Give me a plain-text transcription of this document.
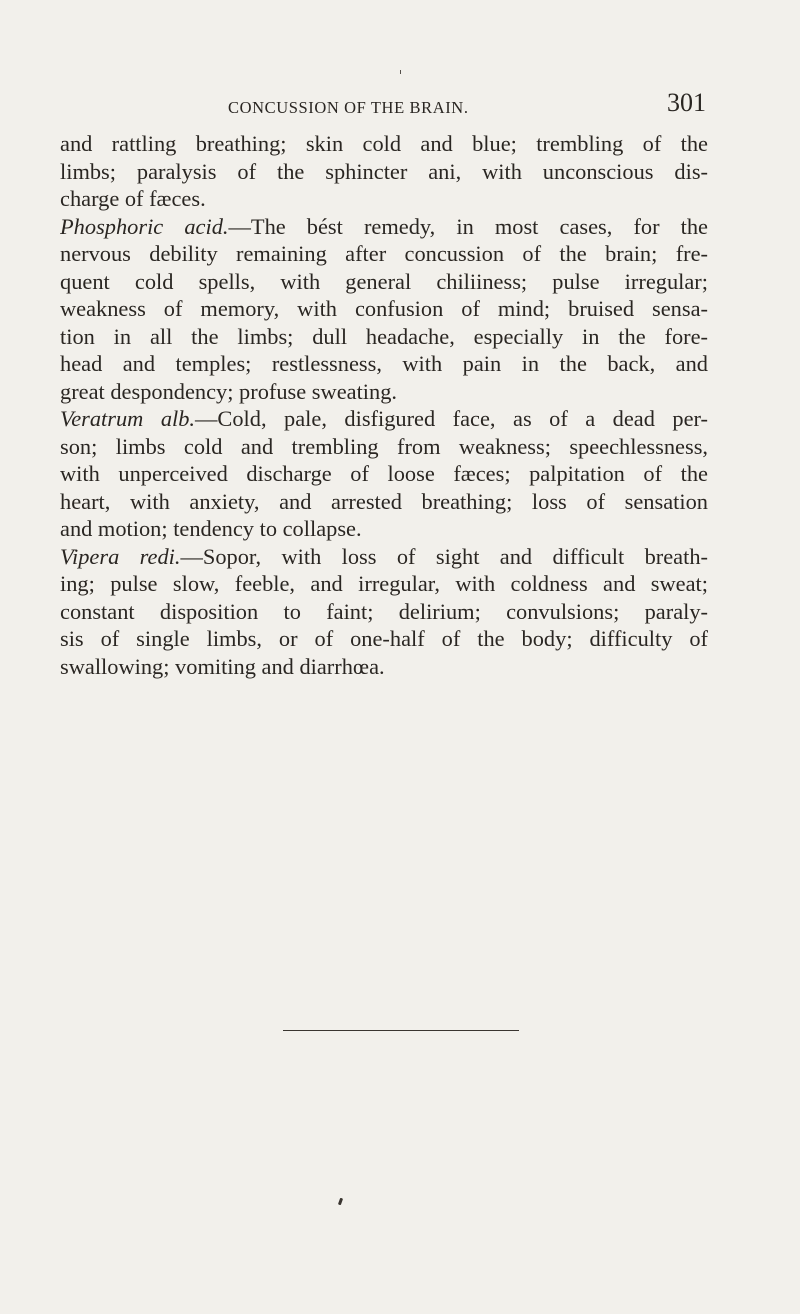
CONCUSSION OF THE BRAIN.	301
and rattling breathing; skin cold and blue; trembling of the
limbs; paralysis of the sphincter ani, with unconscious dis-
charge of fæces.
Phosphoric acid.—The bést remedy, in most cases, for the
nervous debility remaining after concussion of the brain; fre-
quent cold spells, with general chiliiness; pulse irregular;
weakness of memory, with confusion of mind; bruised sensa-
tion in all the limbs; dull headache, especially in the fore-
head and temples; restlessness, with pain in the back, and
great despondency; profuse sweating.
Veratrum alb.—Cold, pale, disfigured face, as of a dead per-
son; limbs cold and trembling from weakness; speechlessness,
with unperceived discharge of loose fæces; palpitation of the
heart, with anxiety, and arrested breathing; loss of sensation
and motion; tendency to collapse.
Vipera redi.—Sopor, with loss of sight and difficult breath-
ing; pulse slow, feeble, and irregular, with coldness and sweat;
constant disposition to faint; delirium; convulsions; paraly-
sis of single limbs, or of one-half of the body; difficulty of
swallowing; vomiting and diarrhœa.
